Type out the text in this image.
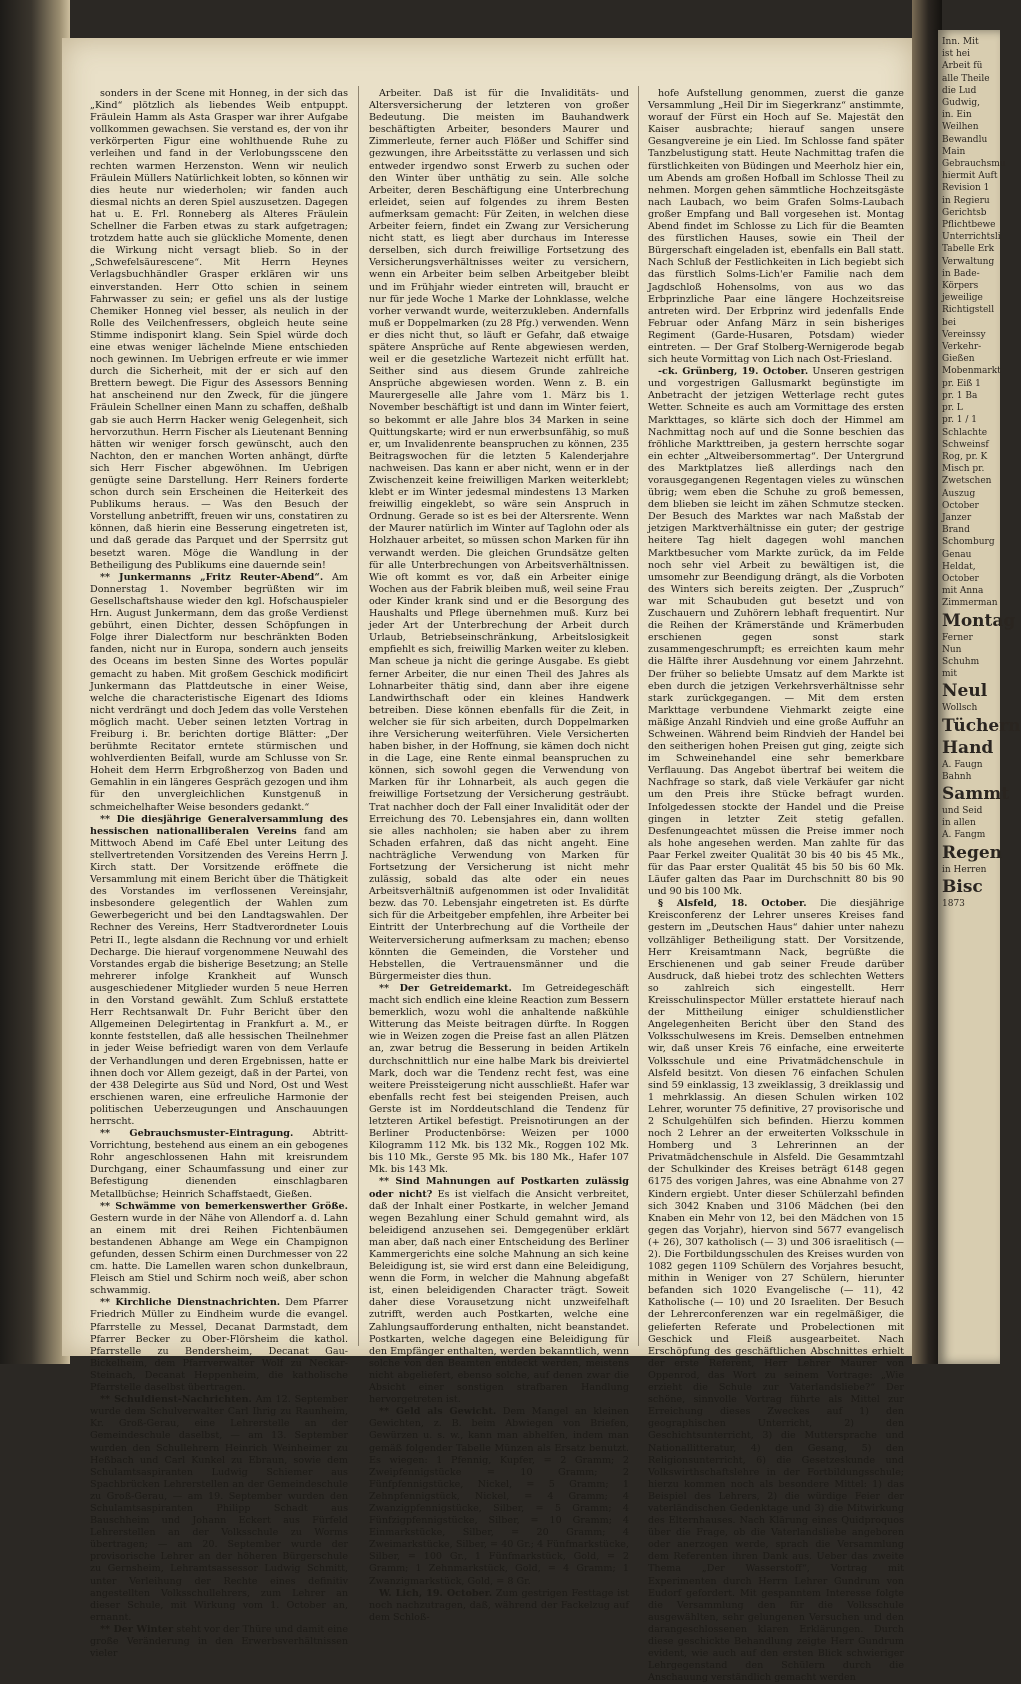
sonders in der Scene mit Honneg, in der sich das „Kind“ plötzlich als liebendes Weib entpuppt. Fräulein Hamm als Asta Grasper war ihrer Aufgabe vollkommen gewachsen. Sie verstand es, der von ihr verkörperten Figur eine wohlthuende Ruhe zu verleihen und fand in der Verlobungsscene den rechten warmen Herzenston. Wenn wir neulich Fräulein Müllers Natürlichkeit lobten, so können wir dies heute nur wiederholen; wir fanden auch diesmal nichts an deren Spiel auszusetzen. Dagegen hat u. E. Frl. Ronneberg als Alteres Fräulein Schellner die Farben etwas zu stark aufgetragen; trotzdem hatte auch sie glückliche Momente, denen die Wirkung nicht versagt blieb. So in der „Schwefelsäurescene“. Mit Herrn Heynes Verlagsbuchhändler Grasper erklären wir uns einverstanden. Herr Otto schien in seinem Fahrwasser zu sein; er gefiel uns als der lustige Chemiker Honneg viel besser, als neulich in der Rolle des Veilchenfressers, obgleich heute seine Stimme indisponirt klang. Sein Spiel würde doch eine etwas weniger lächelnde Miene entschieden noch gewinnen. Im Uebrigen erfreute er wie immer durch die Sicherheit, mit der er sich auf den Brettern bewegt. Die Figur des Assessors Benning hat anscheinend nur den Zweck, für die jüngere Fräulein Schellner einen Mann zu schaffen, deßhalb gab sie auch Herrn Hacker wenig Gelegenheit, sich hervorzuthun. Herrn Fischer als Lieutenant Benning hätten wir weniger forsch gewünscht, auch den Nachton, den er manchen Worten anhängt, dürfte sich Herr Fischer abgewöhnen. Im Uebrigen genügte seine Darstellung. Herr Reiners forderte schon durch sein Erscheinen die Heiterkeit des Publikums heraus. — Was den Besuch der Vorstellung anbetrifft, freuen wir uns, constatiren zu können, daß hierin eine Besserung eingetreten ist, und daß gerade das Parquet und der Sperrsitz gut besetzt waren. Möge die Wandlung in der Betheiligung des Publikums eine dauernde sein!

** Junkermanns „Fritz Reuter-Abend“. Am Donnerstag 1. November begrüßten wir im Gesellschaftshause wieder den kgl. Hofschauspieler Hrn. August Junkermann, dem das große Verdienst gebührt, einen Dichter, dessen Schöpfungen in Folge ihrer Dialectform nur beschränkten Boden fanden, nicht nur in Europa, sondern auch jenseits des Oceans im besten Sinne des Wortes populär gemacht zu haben. Mit großem Geschick modificirt Junkermann das Plattdeutsche in einer Weise, welche die characteristische Eigenart des Idioms nicht verdrängt und doch Jedem das volle Verstehen möglich macht. Ueber seinen letzten Vortrag in Freiburg i. Br. berichten dortige Blätter: „Der berühmte Recitator erntete stürmischen und wohlverdienten Beifall, wurde am Schlusse von Sr. Hoheit dem Herrn Erbgroßherzog von Baden und Gemahlin in ein längeres Gespräch gezogen und ihm für den unvergleichlichen Kunstgenuß in schmeichelhafter Weise besonders gedankt.“

** Die diesjährige Generalversammlung des hessischen nationalliberalen Vereins fand am Mittwoch Abend im Café Ebel unter Leitung des stellvertretenden Vorsitzenden des Vereins Herrn J. Kirch statt. Der Vorsitzende eröffnete die Versammlung mit einem Bericht über die Thätigkeit des Vorstandes im verflossenen Vereinsjahr, insbesondere gelegentlich der Wahlen zum Gewerbegericht und bei den Landtagswahlen. Der Rechner des Vereins, Herr Stadtverordneter Louis Petri II., legte alsdann die Rechnung vor und erhielt Decharge. Die hierauf vorgenommene Neuwahl des Vorstandes ergab die bisherige Besetzung; an Stelle mehrerer infolge Krankheit auf Wunsch ausgeschiedener Mitglieder wurden 5 neue Herren in den Vorstand gewählt. Zum Schluß erstattete Herr Rechtsanwalt Dr. Fuhr Bericht über den Allgemeinen Delegirtentag in Frankfurt a. M., er konnte feststellen, daß alle hessischen Theilnehmer in jeder Weise befriedigt waren von dem Verlaufe der Verhandlungen und deren Ergebnissen, hatte er ihnen doch vor Allem gezeigt, daß in der Partei, von der 438 Delegirte aus Süd und Nord, Ost und West erschienen waren, eine erfreuliche Harmonie der politischen Ueberzeugungen und Anschauungen herrscht.

** Gebrauchsmuster-Eintragung. Abtritt-Vorrichtung, bestehend aus einem an ein gebogenes Rohr angeschlossenen Hahn mit kreisrundem Durchgang, einer Schaumfassung und einer zur Befestigung dienenden einschlagbaren Metallbüchse; Heinrich Schaffstaedt, Gießen.

** Schwämme von bemerkenswerther Größe. Gestern wurde in der Nähe von Allendorf a. d. Lahn an einem mit drei Reihen Fichtenbäumen bestandenen Abhange am Wege ein Champignon gefunden, dessen Schirm einen Durchmesser von 22 cm. hatte. Die Lamellen waren schon dunkelbraun, Fleisch am Stiel und Schirm noch weiß, aber schon schwammig.

** Kirchliche Dienstnachrichten. Dem Pfarrer Friedrich Müller zu Eindheim wurde die evangel. Pfarrstelle zu Messel, Decanat Darmstadt, dem Pfarrer Becker zu Ober-Flörsheim die kathol. Pfarrstelle zu Bendersheim, Decanat Gau-Bickelheim, dem Pfarrverwalter Wolf zu Neckar-Steinach, Decanat Heppenheim, die katholische Pfarrstelle daselbst übertragen.

** Schuldienst-Nachrichten. Am 12. September wurde dem Schulverwalter Carl Ihrig zu Raunheim, Kr. Groß-Gerau, eine Lehrerstelle an der Gemeindeschule daselbst, — am 13. September wurden den Schullehrern Heinrich Weinheimer zu Heßbach und Carl Kunkel zu Ebraun, sowie dem Schulamtsaspiranten Ludwig Schiemer aus Spachbrücken Lehrerstellen an der Gemeindeschule zu Groß-Gerau, — am 19. September wurden den Schulamtsaspiranten Philipp Schadt aus Bauschheim und Johann Eckert aus Fürfeld Lehrerstellen an der Volksschule zu Worms übertragen; — am 20. September wurde der provisorische Lehrer an der höheren Bürgerschule zu Gernsheim, Lehramtsassessor Ludwig Schmitt, unter Verleihung der Rechte eines definitiv angestellten Volksschullehrers, zum Lehrer an dieser Schule, mit Wirkung vom 1. October an, ernannt.

** Der Winter steht vor der Thüre und damit eine große Veränderung in den Erwerbsverhältnissen vieler

Arbeiter. Daß ist für die Invaliditäts- und Altersversicherung der letzteren von großer Bedeutung. Die meisten im Bauhandwerk beschäftigten Arbeiter, besonders Maurer und Zimmerleute, ferner auch Flößer und Schiffer sind gezwungen, ihre Arbeitsstätte zu verlassen und sich entweder irgendwo sonst Erwerb zu suchen oder den Winter über unthätig zu sein. Alle solche Arbeiter, deren Beschäftigung eine Unterbrechung erleidet, seien auf folgendes zu ihrem Besten aufmerksam gemacht: Für Zeiten, in welchen diese Arbeiter feiern, findet ein Zwang zur Versicherung nicht statt, es liegt aber durchaus im Interesse derselben, sich durch freiwillige Fortsetzung des Versicherungsverhältnisses weiter zu versichern, wenn ein Arbeiter beim selben Arbeitgeber bleibt und im Frühjahr wieder eintreten will, braucht er nur für jede Woche 1 Marke der Lohnklasse, welche vorher verwandt wurde, weiterzukleben. Andernfalls muß er Doppelmarken (zu 28 Pfg.) verwenden. Wenn er dies nicht thut, so läuft er Gefahr, daß etwaige spätere Ansprüche auf Rente abgewiesen werden, weil er die gesetzliche Wartezeit nicht erfüllt hat. Seither sind aus diesem Grunde zahlreiche Ansprüche abgewiesen worden. Wenn z. B. ein Maurergeselle alle Jahre vom 1. März bis 1. November beschäftigt ist und dann im Winter feiert, so bekommt er alle Jahre blos 34 Marken in seine Quittungskarte; wird er nun erwerbsunfähig, so muß er, um Invalidenrente beanspruchen zu können, 235 Beitragswochen für die letzten 5 Kalenderjahre nachweisen. Das kann er aber nicht, wenn er in der Zwischenzeit keine freiwilligen Marken weiterklebt; klebt er im Winter jedesmal mindestens 13 Marken freiwillig eingeklebt, so wäre sein Anspruch in Ordnung. Gerade so ist es bei der Altersrente. Wenn der Maurer natürlich im Winter auf Taglohn oder als Holzhauer arbeitet, so müssen schon Marken für ihn verwandt werden. Die gleichen Grundsätze gelten für alle Unterbrechungen von Arbeitsverhältnissen. Wie oft kommt es vor, daß ein Arbeiter einige Wochen aus der Fabrik bleiben muß, weil seine Frau oder Kinder krank sind und er die Besorgung des Haushalts und Pflege übernehmen muß. Kurz bei jeder Art der Unterbrechung der Arbeit durch Urlaub, Betriebseinschränkung, Arbeitslosigkeit empfiehlt es sich, freiwillig Marken weiter zu kleben. Man scheue ja nicht die geringe Ausgabe. Es giebt ferner Arbeiter, die nur einen Theil des Jahres als Lohnarbeiter thätig sind, dann aber ihre eigene Landwirthschaft oder ein kleines Handwerk betreiben. Diese können ebenfalls für die Zeit, in welcher sie für sich arbeiten, durch Doppelmarken ihre Versicherung weiterführen. Viele Versicherten haben bisher, in der Hoffnung, sie kämen doch nicht in die Lage, eine Rente einmal beanspruchen zu können, sich sowohl gegen die Verwendung von Marken für ihr Lohnarbeit, als auch gegen die freiwillige Fortsetzung der Versicherung gesträubt. Trat nachher doch der Fall einer Invalidität oder der Erreichung des 70. Lebensjahres ein, dann wollten sie alles nachholen; sie haben aber zu ihrem Schaden erfahren, daß das nicht angeht. Eine nachträgliche Verwendung von Marken für Fortsetzung der Versicherung ist nicht mehr zulässig, sobald das alte oder ein neues Arbeitsverhältniß aufgenommen ist oder Invalidität bezw. das 70. Lebensjahr eingetreten ist. Es dürfte sich für die Arbeitgeber empfehlen, ihre Arbeiter bei Eintritt der Unterbrechung auf die Vortheile der Weiterversicherung aufmerksam zu machen; ebenso könnten die Gemeinden, die Vorsteher und Hebstellen, die Vertrauensmänner und die Bürgermeister dies thun.

** Der Getreidemarkt. Im Getreidegeschäft macht sich endlich eine kleine Reaction zum Bessern bemerklich, wozu wohl die anhaltende naßkühle Witterung das Meiste beitragen dürfte. In Roggen wie in Weizen zogen die Preise fast an allen Plätzen an, zwar betrug die Besserung in beiden Artikeln durchschnittlich nur eine halbe Mark bis dreiviertel Mark, doch war die Tendenz recht fest, was eine weitere Preissteigerung nicht ausschließt. Hafer war ebenfalls recht fest bei steigenden Preisen, auch Gerste ist im Norddeutschland die Tendenz für letzteren Artikel befestigt. Preisnotirungen an der Berliner Productenbörse: Weizen per 1000 Kilogramm 112 Mk. bis 132 Mk., Roggen 102 Mk. bis 110 Mk., Gerste 95 Mk. bis 180 Mk., Hafer 107 Mk. bis 143 Mk.

** Sind Mahnungen auf Postkarten zulässig oder nicht? Es ist vielfach die Ansicht verbreitet, daß der Inhalt einer Postkarte, in welcher Jemand wegen Bezahlung einer Schuld gemahnt wird, als beleidigend anzusehen sei. Demgegenüber erklärt man aber, daß nach einer Entscheidung des Berliner Kammergerichts eine solche Mahnung an sich keine Beleidigung ist, sie wird erst dann eine Beleidigung, wenn die Form, in welcher die Mahnung abgefaßt ist, einen beleidigenden Character trägt. Soweit daher diese Vorausetzung nicht unzweifelhaft zutrifft, werden auch Postkarten, welche eine Zahlungsaufforderung enthalten, nicht beanstandet. Postkarten, welche dagegen eine Beleidigung für den Empfänger enthalten, werden bekanntlich, wenn solche von den Beamten entdeckt werden, meistens nicht abgeliefert, ebenso solche, auf denen zwar die Absicht einer sonstigen strafbaren Handlung hervorgetreten ist.

** Geld als Gewicht. Dem Mangel an kleinen Gewichten, z. B. beim Abwiegen von Briefen, Gewürzen u. s. w., kann man abhelfen, indem man gemäß folgender Tabelle Münzen als Ersatz benutzt. Es wiegen: 1 Pfennig, Kupfer, = 2 Gramm; 2 Zweipfennigstücke = 10 Gramm; 2 Fünfpfennigstücke, Nickel, = 5 Gramm; 1 Zehnpfennigstück, Nickel, = 4 Gramm; 4 Zwanzigpfennigstücke, Silber, = 5 Gramm; 4 Fünfzigpfennigstücke, Silber, = 10 Gramm; 4 Einmarkstücke, Silber, = 20 Gramm; 4 Zweimarkstücke, Silber, = 40 Gr.; 4 Fünfmarkstücke, Silber, = 100 Gr., 1 Fünfmarkstück, Gold, = 2 Gramm; 1 Zehnmarkstück, Gold, = 4 Gramm; 1 Zwanzigmarkstück, Gold, = 8 Gr.

W. Lich, 19. October. Zum gestrigen Festtage ist noch nachzutragen, daß, während der Fackelzug auf dem Schloß-

hofe Aufstellung genommen, zuerst die ganze Versammlung „Heil Dir im Siegerkranz“ anstimmte, worauf der Fürst ein Hoch auf Se. Majestät den Kaiser ausbrachte; hierauf sangen unsere Gesangvereine je ein Lied. Im Schlosse fand später Tanzbelustigung statt. Heute Nachmittag trafen die fürstlichkeiten von Büdingen und Meerholz hier ein, um Abends am großen Hofball im Schlosse Theil zu nehmen. Morgen gehen sämmtliche Hochzeitsgäste nach Laubach, wo beim Grafen Solms-Laubach großer Empfang und Ball vorgesehen ist. Montag Abend findet im Schlosse zu Lich für die Beamten des fürstlichen Hauses, sowie ein Theil der Bürgerschaft eingeladen ist, ebenfalls ein Ball statt. Nach Schluß der Festlichkeiten in Lich begiebt sich das fürstlich Solms-Lich'er Familie nach dem Jagdschloß Hohensolms, von aus wo das Erbprinzliche Paar eine längere Hochzeitsreise antreten wird. Der Erbprinz wird jedenfalls Ende Februar oder Anfang März in sein bisheriges Regiment (Garde-Husaren, Potsdam) wieder eintreten. — Der Graf Stolberg-Wernigerode begab sich heute Vormittag von Lich nach Ost-Friesland.

-ck. Grünberg, 19. October. Unseren gestrigen und vorgestrigen Gallusmarkt begünstigte im Anbetracht der jetzigen Wetterlage recht gutes Wetter. Schneite es auch am Vormittage des ersten Markttages, so klärte sich doch der Himmel am Nachmittag noch auf und die Sonne beschien das fröhliche Markttreiben, ja gestern herrschte sogar ein echter „Altweibersommertag“. Der Untergrund des Marktplatzes ließ allerdings nach den vorausgegangenen Regentagen vieles zu wünschen übrig; wem eben die Schuhe zu groß bemessen, dem blieben sie leicht im zähen Schmutze stecken. Der Besuch des Marktes war nach Maßstab der jetzigen Marktverhältnisse ein guter; der gestrige heitere Tag hielt dagegen wohl manchen Marktbesucher vom Markte zurück, da im Felde noch sehr viel Arbeit zu bewältigen ist, die umsomehr zur Beendigung drängt, als die Vorboten des Winters sich bereits zeigten. Der „Zuspruch“ war mit Schaubuden gut besetzt und von Zuschauern und Zuhörern lebhaft frequentirt. Nur die Reihen der Krämerstände und Krämerbuden erschienen gegen sonst stark zusammengeschrumpft; es erreichten kaum mehr die Hälfte ihrer Ausdehnung vor einem Jahrzehnt. Der früher so beliebte Umsatz auf dem Markte ist eben durch die jetzigen Verkehrsverhältnisse sehr stark zurückgegangen. — Mit dem ersten Markttage verbundene Viehmarkt zeigte eine mäßige Anzahl Rindvieh und eine große Auffuhr an Schweinen. Während beim Rindvieh der Handel bei den seitherigen hohen Preisen gut ging, zeigte sich im Schweinehandel eine sehr bemerkbare Verflauung. Das Angebot übertraf bei weitem die Nachfrage so stark, daß viele Verkäufer gar nicht um den Preis ihre Stücke befragt wurden. Infolgedessen stockte der Handel und die Preise gingen in letzter Zeit stetig gefallen. Desfenungeachtet müssen die Preise immer noch als hohe angesehen werden. Man zahlte für das Paar Ferkel zweiter Qualität 30 bis 40 bis 45 Mk., für das Paar erster Qualität 45 bis 50 bis 60 Mk. Läufer galten das Paar im Durchschnitt 80 bis 90 und 90 bis 100 Mk.

§ Alsfeld, 18. October. Die diesjährige Kreisconferenz der Lehrer unseres Kreises fand gestern im „Deutschen Haus“ dahier unter nahezu vollzähliger Betheiligung statt. Der Vorsitzende, Herr Kreisamtmann Nack, begrüßte die Erschienenen und gab seiner Freude darüber Ausdruck, daß hiebei trotz des schlechten Wetters so zahlreich sich eingestellt. Herr Kreisschulinspector Müller erstattete hierauf nach der Mittheilung einiger schuldienstlicher Angelegenheiten Bericht über den Stand des Volksschulwesens im Kreis. Demselben entnehmen wir, daß unser Kreis 76 einfache, eine erweiterte Volksschule und eine Privatmädchenschule in Alsfeld besitzt. Von diesen 76 einfachen Schulen sind 59 einklassig, 13 zweiklassig, 3 dreiklassig und 1 mehrklassig. An diesen Schulen wirken 102 Lehrer, worunter 75 definitive, 27 provisorische und 2 Schulgehülfen sich befinden. Hierzu kommen noch 2 Lehrer an der erweiterten Volksschule in Homberg und 3 Lehrerinnen an der Privatmädchenschule in Alsfeld. Die Gesammtzahl der Schulkinder des Kreises beträgt 6148 gegen 6175 des vorigen Jahres, was eine Abnahme von 27 Kindern ergiebt. Unter dieser Schülerzahl befinden sich 3042 Knaben und 3106 Mädchen (bei den Knaben ein Mehr von 12, bei den Mädchen von 15 gegen das Vorjahr), hiervon sind 5677 evangelisch (+ 26), 307 katholisch (— 3) und 306 israelitisch (— 2). Die Fortbildungsschulen des Kreises wurden von 1082 gegen 1109 Schülern des Vorjahres besucht, mithin in Weniger von 27 Schülern, hierunter befanden sich 1020 Evangelische (— 11), 42 Katholische (— 10) und 20 Israeliten. Der Besuch der Lehrerconferenzen war ein regelmäßiger, die gelieferten Referate und Probelectionen mit Geschick und Fleiß ausgearbeitet. Nach Erschöpfung des geschäftlichen Abschnittes erhielt der erste Referent, Herr Lehrer Maurer von Oppenrod, das Wort zu seinem Vortrage: „Wie erzieht die Schule zur Vaterlandsliebe?“ Der schöne, sinnvolle Vortrag führte als Mittel zur Erreichung dieses Zweckes auf 1) den geographischen Unterricht, 2) den Geschichtsunterricht, 3) die Muttersprache und Nationallitteratur, 4) den Gesang, 5) den Religionsunterricht, 6) die Gesetzeskunde und Volkswirthschaftslehre in der Fortbildungsschule; hierzu kommen noch als besondere Mittel: 1) das Beispiel des Lehrers, 2) die würdige Feier der vaterländischen Gedenktage und 3) die Mitwirkung des Elternhauses. Nach Klärung eines Quidproquos über die Frage, ob die Vaterlandsliebe angeboren oder anerzogen werde, sprach die Versammlung dem Referenten ihren Dank aus. Ueber das zweite Thema „Der Wasserstoff“, Vortrag mit Experimenten durch Herrn Lehrer Gundrum von Eudorf gefordert. Mit gespanntem Interesse folgte die Versammlung den für die Volksschule ausgewählten, sehr gelungenen Versuchen und den darangeschlossenen klaren Erklärungen. Durch diese geschickte Behandlung zeigte Herr Gundrum evident, wie auch auf den ersten Blick schwieriger Lehrgegenstand den Schülern durch die Anschauung verständlich gemacht werden

Inn. Mit
ist hei
Arbeit fü
alle Theile
die Lud
Gudwig,
in. Ein
Weilhen
Bewandlu
Main
Gebrauchsmu
hiermit Auft
Revision 1
in Regieru
Gerichtsb
Pflichtbewe
Unterrichtsli
Tabelle Erk
Verwaltung
in Bade-
Körpers
jeweilige
Richtigstell
bei
Vereinssy
Verkehr-
Gießen
Mobenmarkt
pr. Eiß 1
pr. 1 Ba
pr. L
pr. 1 / 1
Schlachte
Schweinsf
Rog, pr. K
Misch pr.
Zwetschen
Auszug
October
Janzer
Brand
Schomburg
Genau
Heldat,
October
mit Anna
Zimmerman
Montag
Ferner
Nun
Schuhm
mit
Neul
Wollsch
Tüchern
Hand
A. Faugn
Bahnh
Sammt
und Seid
in allen
A. Fangm
Regen
in Herren
Bisc
1873
